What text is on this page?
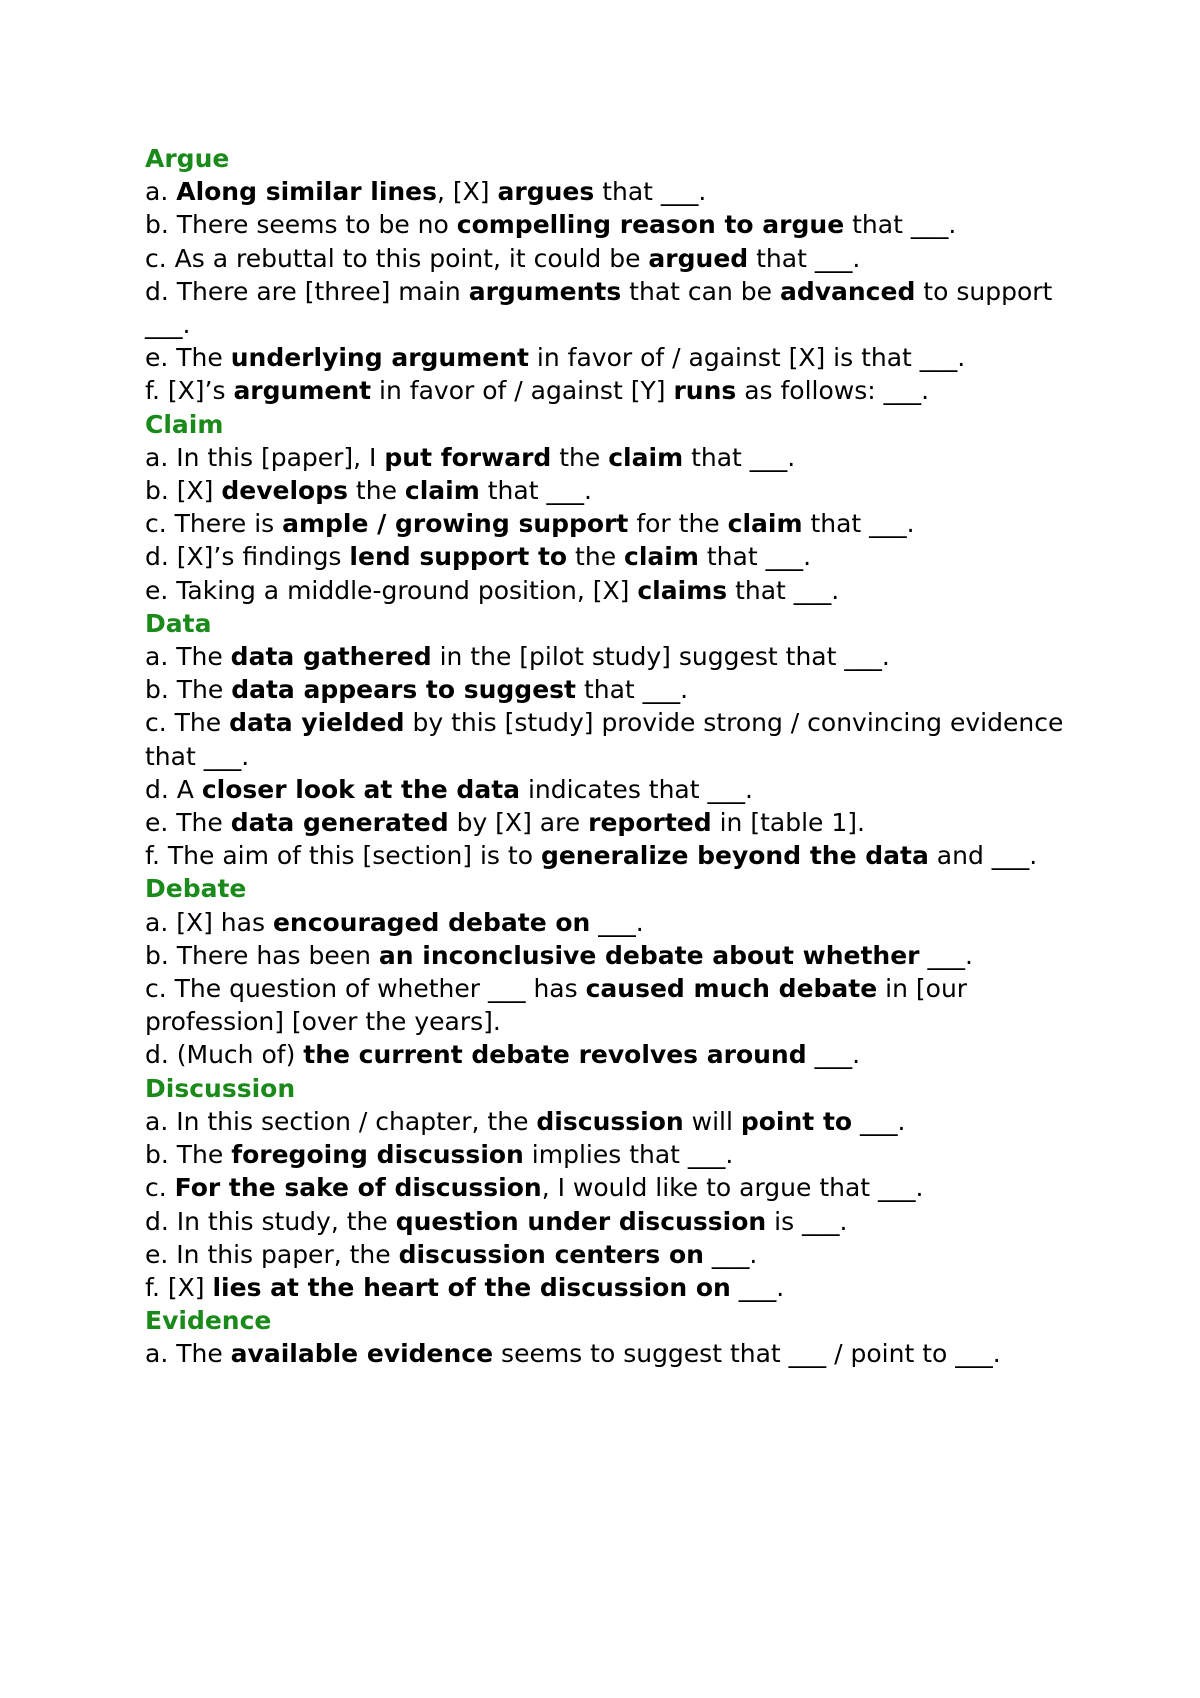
Argue

a. Along similar lines, [X] argues that ___.

b. There seems to be no compelling reason to argue that ___.

c. As a rebuttal to this point, it could be argued that ___.

d. There are [three] main arguments that can be advanced to support ___.

e. The underlying argument in favor of / against [X] is that ___.

f. [X]’s argument in favor of / against [Y] runs as follows: ___.

Claim

a. In this [paper], I put forward the claim that ___.

b. [X] develops the claim that ___.

c. There is ample / growing support for the claim that ___.

d. [X]’s findings lend support to the claim that ___.

e. Taking a middle-ground position, [X] claims that ___.

Data

a. The data gathered in the [pilot study] suggest that ___.

b. The data appears to suggest that ___.

c. The data yielded by this [study] provide strong / convincing evidence that ___.

d. A closer look at the data indicates that ___.

e. The data generated by [X] are reported in [table 1].

f. The aim of this [section] is to generalize beyond the data and ___.

Debate

a. [X] has encouraged debate on ___.

b. There has been an inconclusive debate about whether ___.

c. The question of whether ___ has caused much debate in [our profession] [over the years].

d. (Much of) the current debate revolves around ___.

Discussion

a. In this section / chapter, the discussion will point to ___.

b. The foregoing discussion implies that ___.

c. For the sake of discussion, I would like to argue that ___.

d. In this study, the question under discussion is ___.

e. In this paper, the discussion centers on ___.

f. [X] lies at the heart of the discussion on ___.

Evidence

a. The available evidence seems to suggest that ___ / point to ___.
